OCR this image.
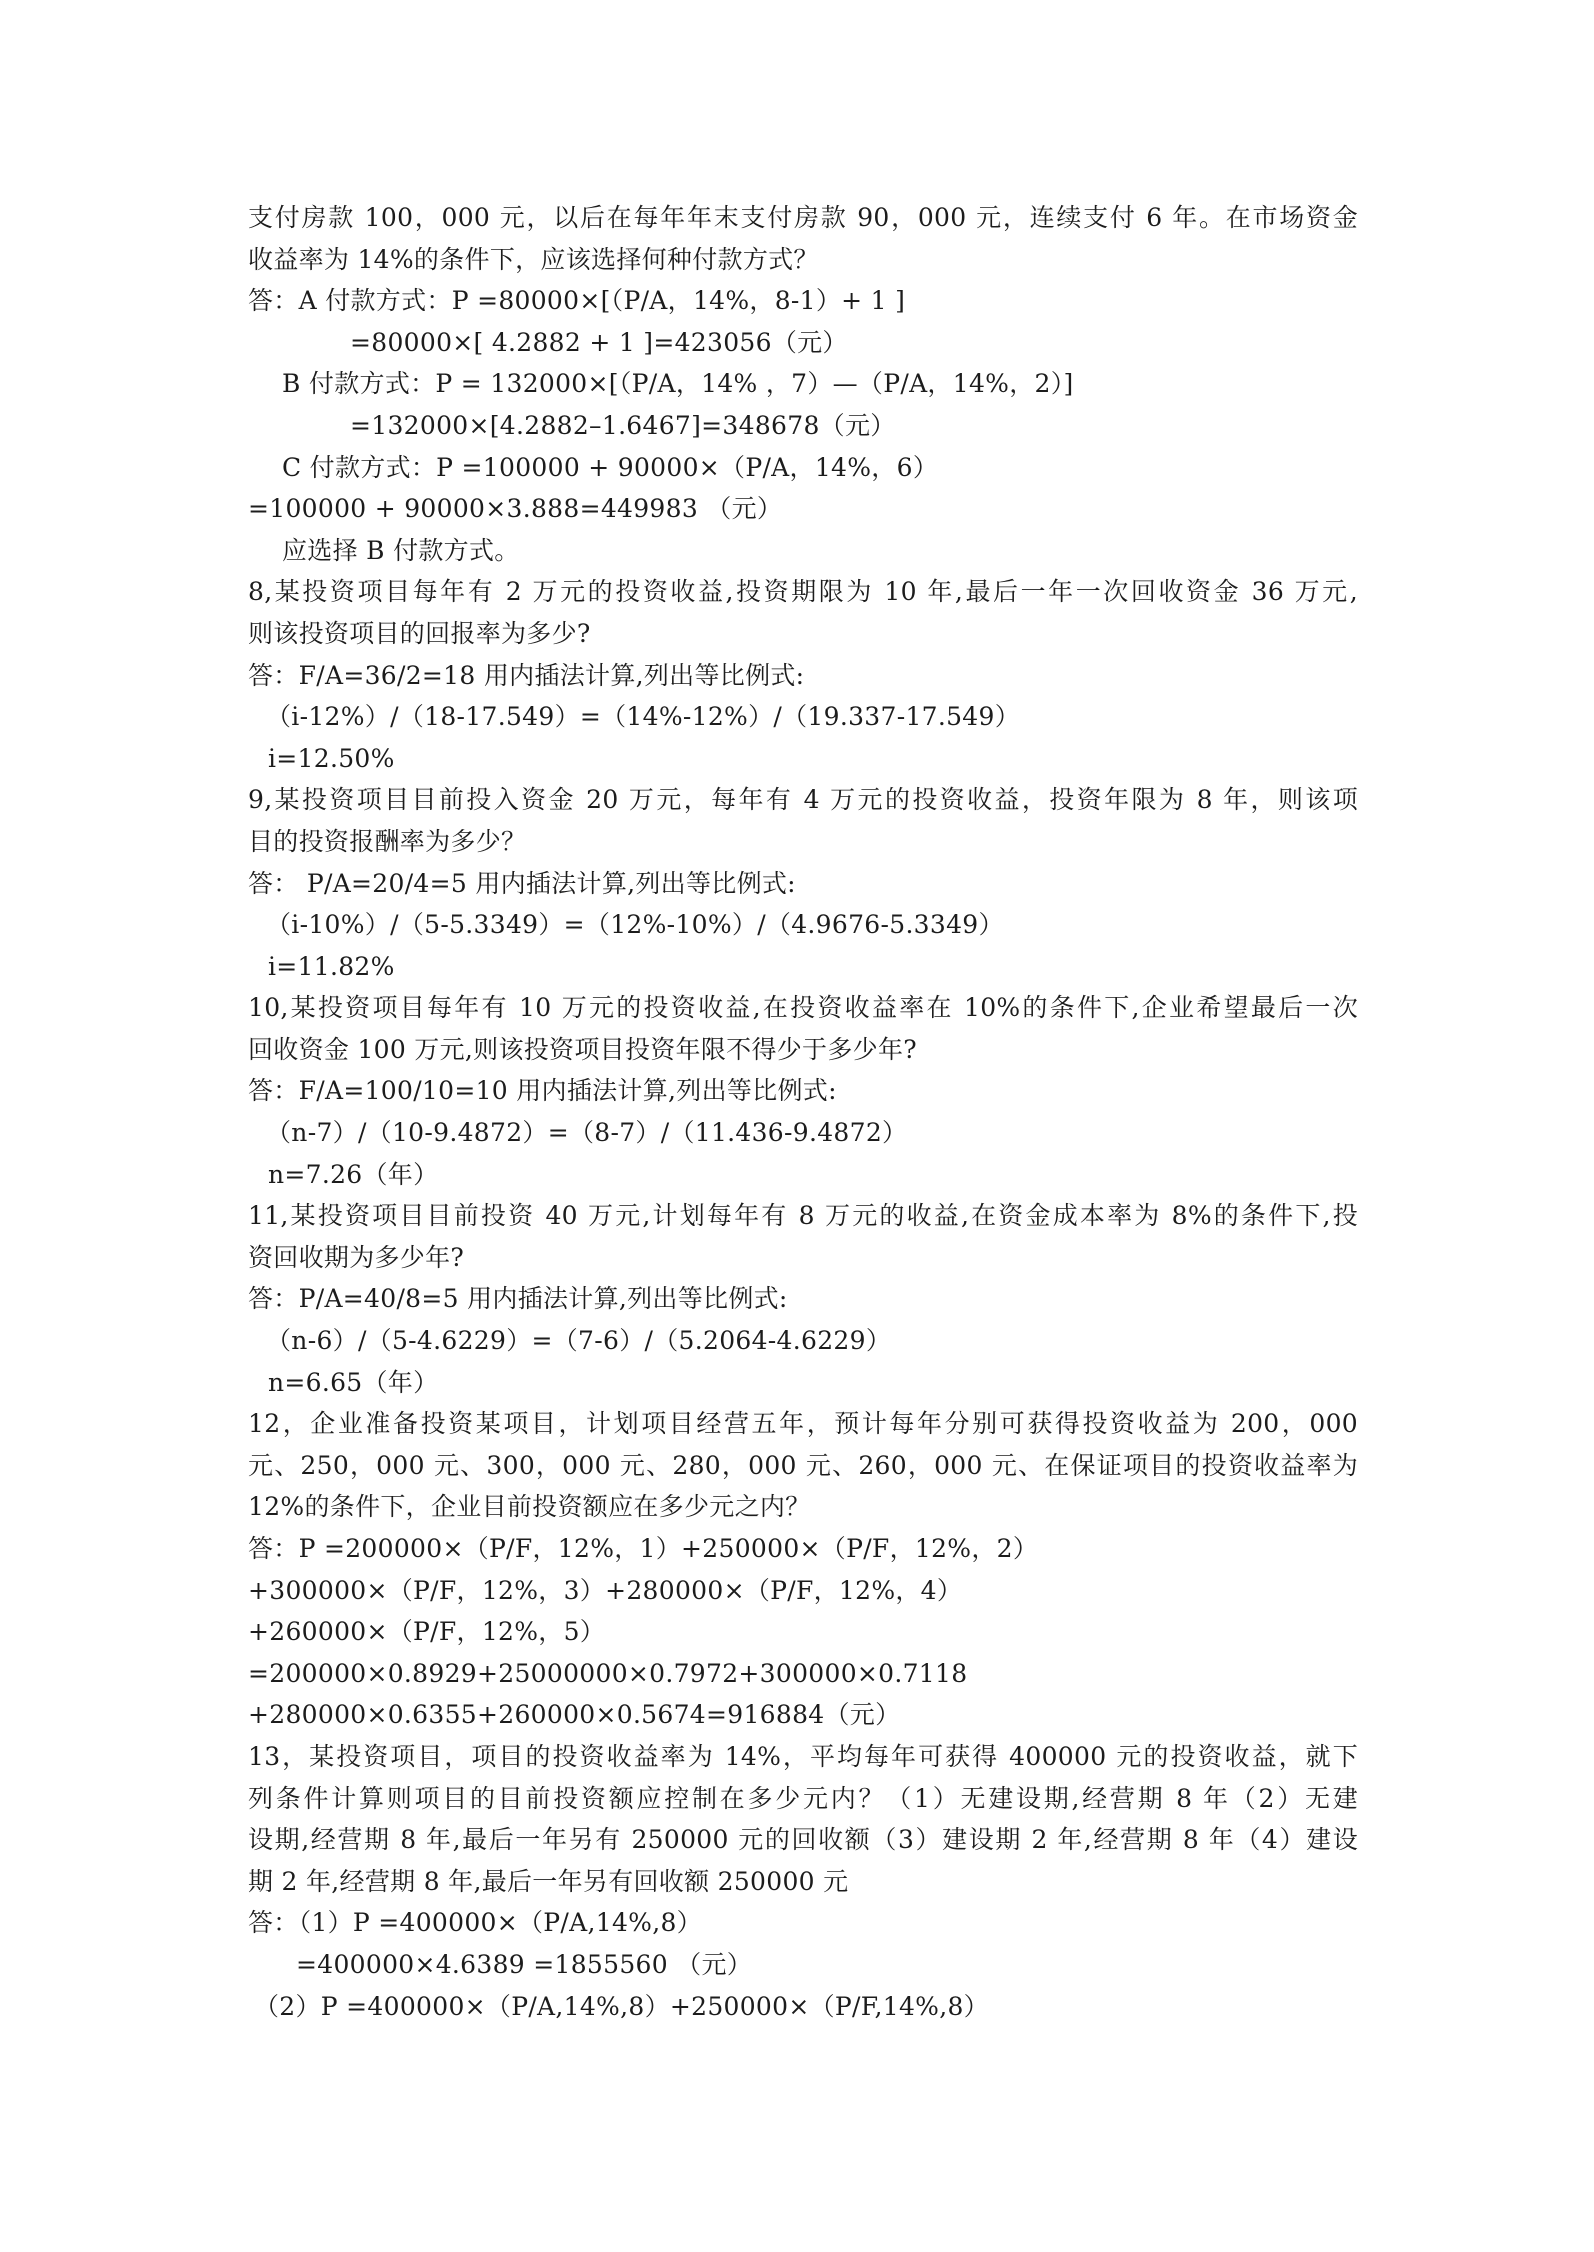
支付房款 100，000 元，以后在每年年末支付房款 90，000 元，连续支付 6 年。在市场资金
收益率为 14%的条件下，应该选择何种付款方式？
答：A 付款方式：P =80000×[（P/A，14%，8-1）+ 1 ]
=80000×[ 4.2882 + 1 ]=423056（元）
B 付款方式：P = 132000×[（P/A，14% ，7）—（P/A，14%，2）]
=132000×[4.2882–1.6467]=348678（元）
C 付款方式：P =100000 + 90000×（P/A，14%，6）
=100000 + 90000×3.888=449983 （元）
应选择 B 付款方式。
8,某投资项目每年有 2 万元的投资收益,投资期限为 10 年,最后一年一次回收资金 36 万元,
则该投资项目的回报率为多少?
答：F/A=36/2=18 用内插法计算,列出等比例式:
（i-12%）/（18-17.549）=（14%-12%）/（19.337-17.549）
i=12.50%
9,某投资项目目前投入资金 20 万元，每年有 4 万元的投资收益，投资年限为 8 年，则该项
目的投资报酬率为多少？
答： P/A=20/4=5 用内插法计算,列出等比例式:
（i-10%）/（5-5.3349）=（12%-10%）/（4.9676-5.3349）
i=11.82%
10,某投资项目每年有 10 万元的投资收益,在投资收益率在 10%的条件下,企业希望最后一次
回收资金 100 万元,则该投资项目投资年限不得少于多少年?
答：F/A=100/10=10 用内插法计算,列出等比例式:
（n-7）/（10-9.4872）=（8-7）/（11.436-9.4872）
n=7.26（年）
11,某投资项目目前投资 40 万元,计划每年有 8 万元的收益,在资金成本率为 8%的条件下,投
资回收期为多少年?
答：P/A=40/8=5 用内插法计算,列出等比例式:
（n-6）/（5-4.6229）=（7-6）/（5.2064-4.6229）
n=6.65（年）
12，企业准备投资某项目，计划项目经营五年，预计每年分别可获得投资收益为 200，000
元、250，000 元、300，000 元、280，000 元、260，000 元、在保证项目的投资收益率为
12%的条件下，企业目前投资额应在多少元之内？
答：P =200000×（P/F，12%，1）+250000×（P/F，12%，2）
+300000×（P/F，12%，3）+280000×（P/F，12%，4）
+260000×（P/F，12%，5）
=200000×0.8929+25000000×0.7972+300000×0.7118
+280000×0.6355+260000×0.5674=916884（元）
13，某投资项目，项目的投资收益率为 14%，平均每年可获得 400000 元的投资收益，就下
列条件计算则项目的目前投资额应控制在多少元内？（1）无建设期,经营期 8 年（2）无建
设期,经营期 8 年,最后一年另有 250000 元的回收额（3）建设期 2 年,经营期 8 年（4）建设
期 2 年,经营期 8 年,最后一年另有回收额 250000 元
答：（1）P =400000×（P/A,14%,8）
=400000×4.6389 =1855560 （元）
（2）P =400000×（P/A,14%,8）+250000×（P/F,14%,8）
